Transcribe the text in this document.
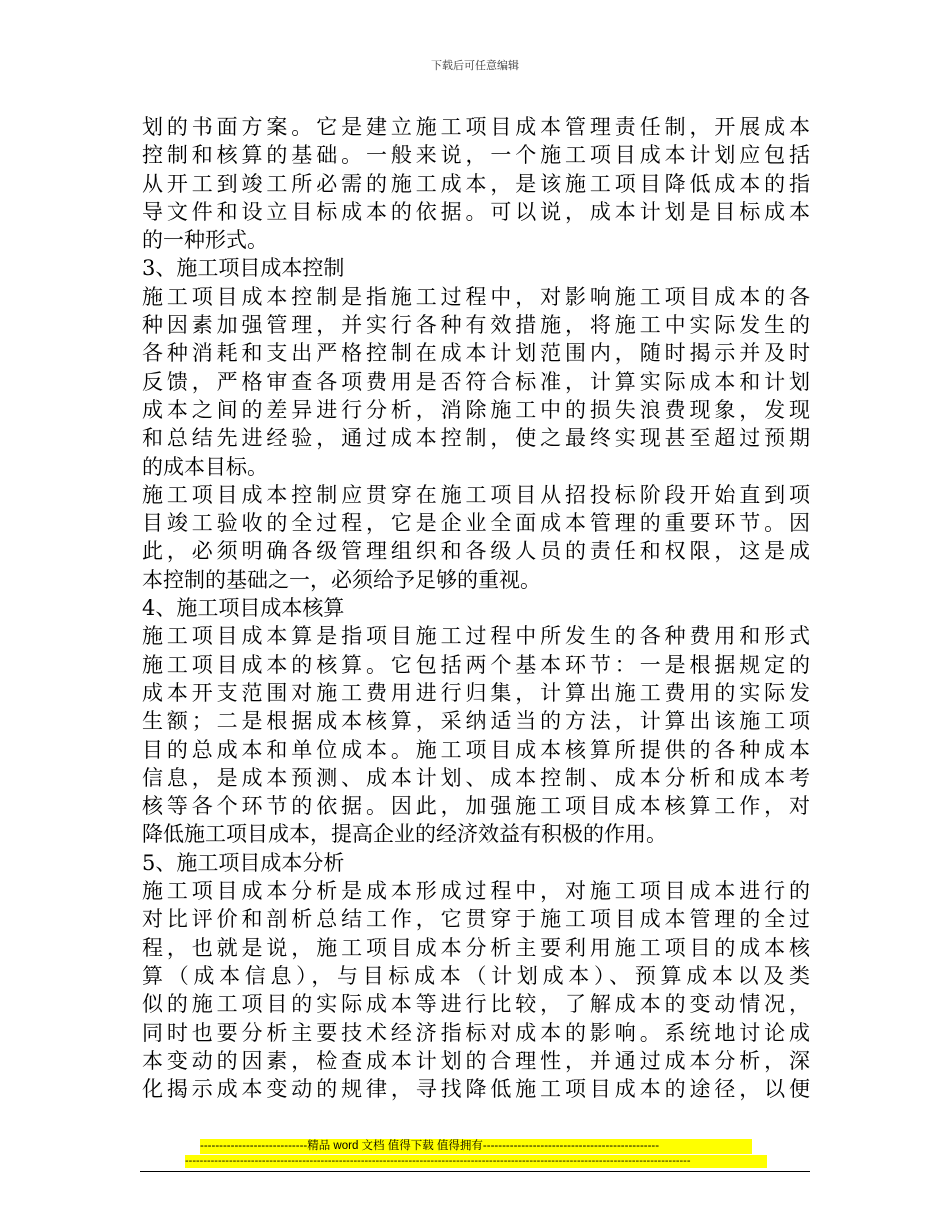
下载后可任意编辑
划的书面方案。它是建立施工项目成本管理责任制，开展成本
控制和核算的基础。一般来说，一个施工项目成本计划应包括
从开工到竣工所必需的施工成本，是该施工项目降低成本的指
导文件和设立目标成本的依据。可以说，成本计划是目标成本
的一种形式。
3、施工项目成本控制
施工项目成本控制是指施工过程中，对影响施工项目成本的各
种因素加强管理，并实行各种有效措施，将施工中实际发生的
各种消耗和支出严格控制在成本计划范围内，随时揭示并及时
反馈，严格审查各项费用是否符合标准，计算实际成本和计划
成本之间的差异进行分析，消除施工中的损失浪费现象，发现
和总结先进经验，通过成本控制，使之最终实现甚至超过预期
的成本目标。
施工项目成本控制应贯穿在施工项目从招投标阶段开始直到项
目竣工验收的全过程，它是企业全面成本管理的重要环节。因
此，必须明确各级管理组织和各级人员的责任和权限，这是成
本控制的基础之一，必须给予足够的重视。
4、施工项目成本核算
施工项目成本算是指项目施工过程中所发生的各种费用和形式
施工项目成本的核算。它包括两个基本环节：一是根据规定的
成本开支范围对施工费用进行归集，计算出施工费用的实际发
生额；二是根据成本核算，采纳适当的方法，计算出该施工项
目的总成本和单位成本。施工项目成本核算所提供的各种成本
信息，是成本预测、成本计划、成本控制、成本分析和成本考
核等各个环节的依据。因此，加强施工项目成本核算工作，对
降低施工项目成本，提高企业的经济效益有积极的作用。
5、施工项目成本分析
施工项目成本分析是成本形成过程中，对施工项目成本进行的
对比评价和剖析总结工作，它贯穿于施工项目成本管理的全过
程，也就是说，施工项目成本分析主要利用施工项目的成本核
算（成本信息），与目标成本（计划成本）、预算成本以及类
似的施工项目的实际成本等进行比较，了解成本的变动情况，
同时也要分析主要技术经济指标对成本的影响。系统地讨论成
本变动的因素，检查成本计划的合理性，并通过成本分析，深
化揭示成本变动的规律，寻找降低施工项目成本的途径，以便
----------------------------精品 word 文档 值得下载 值得拥有----------------------------------------------
------------------------------------------------------------------------------------------------------------------------------------------
